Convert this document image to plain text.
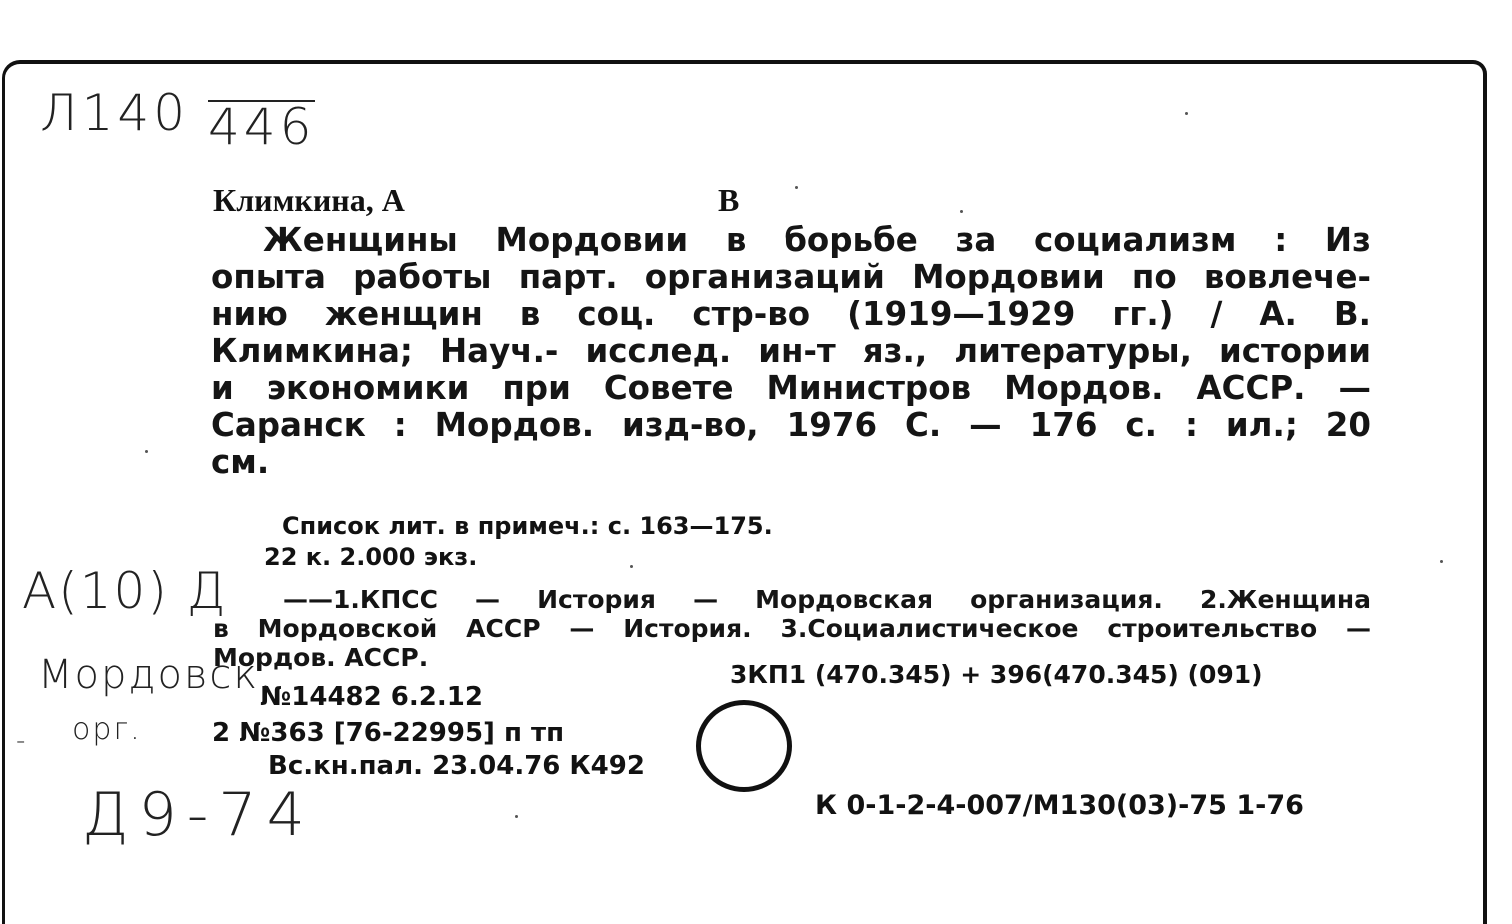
Л140 446
Климкина, А	В
Женщины Мордовии в борьбе за социализм : Из
опыта работы парт. организаций Мордовии по вовлече-
нию женщин в соц. стр-во (1919—1929 гг.) / А. В.
Климкина; Науч.- исслед. ин-т яз., литературы, истории
и экономики при Совете Министров Мордов. АССР. —
Саранск : Мордов. изд-во, 1976 С. — 176 с. : ил.; 20
см.
Список лит. в примеч.: с. 163—175.
22 к. 2.000 экз.
А(10) Д	——1.КПСС — История — Мордовская организация. 2.Женщина
в Мордовской АССР — История. 3.Социалистическое строительство —
Мордов. АССР.
3КП1 (470.345) + 396(470.345) (091)
Мордовск.
№14482 6.2.12
орг.
-	2 №363 [76-22995] п тп
Вс.кн.пал. 23.04.76 К492
Д9-74	К 0-1-2-4-007/М130(03)-75 1-76
